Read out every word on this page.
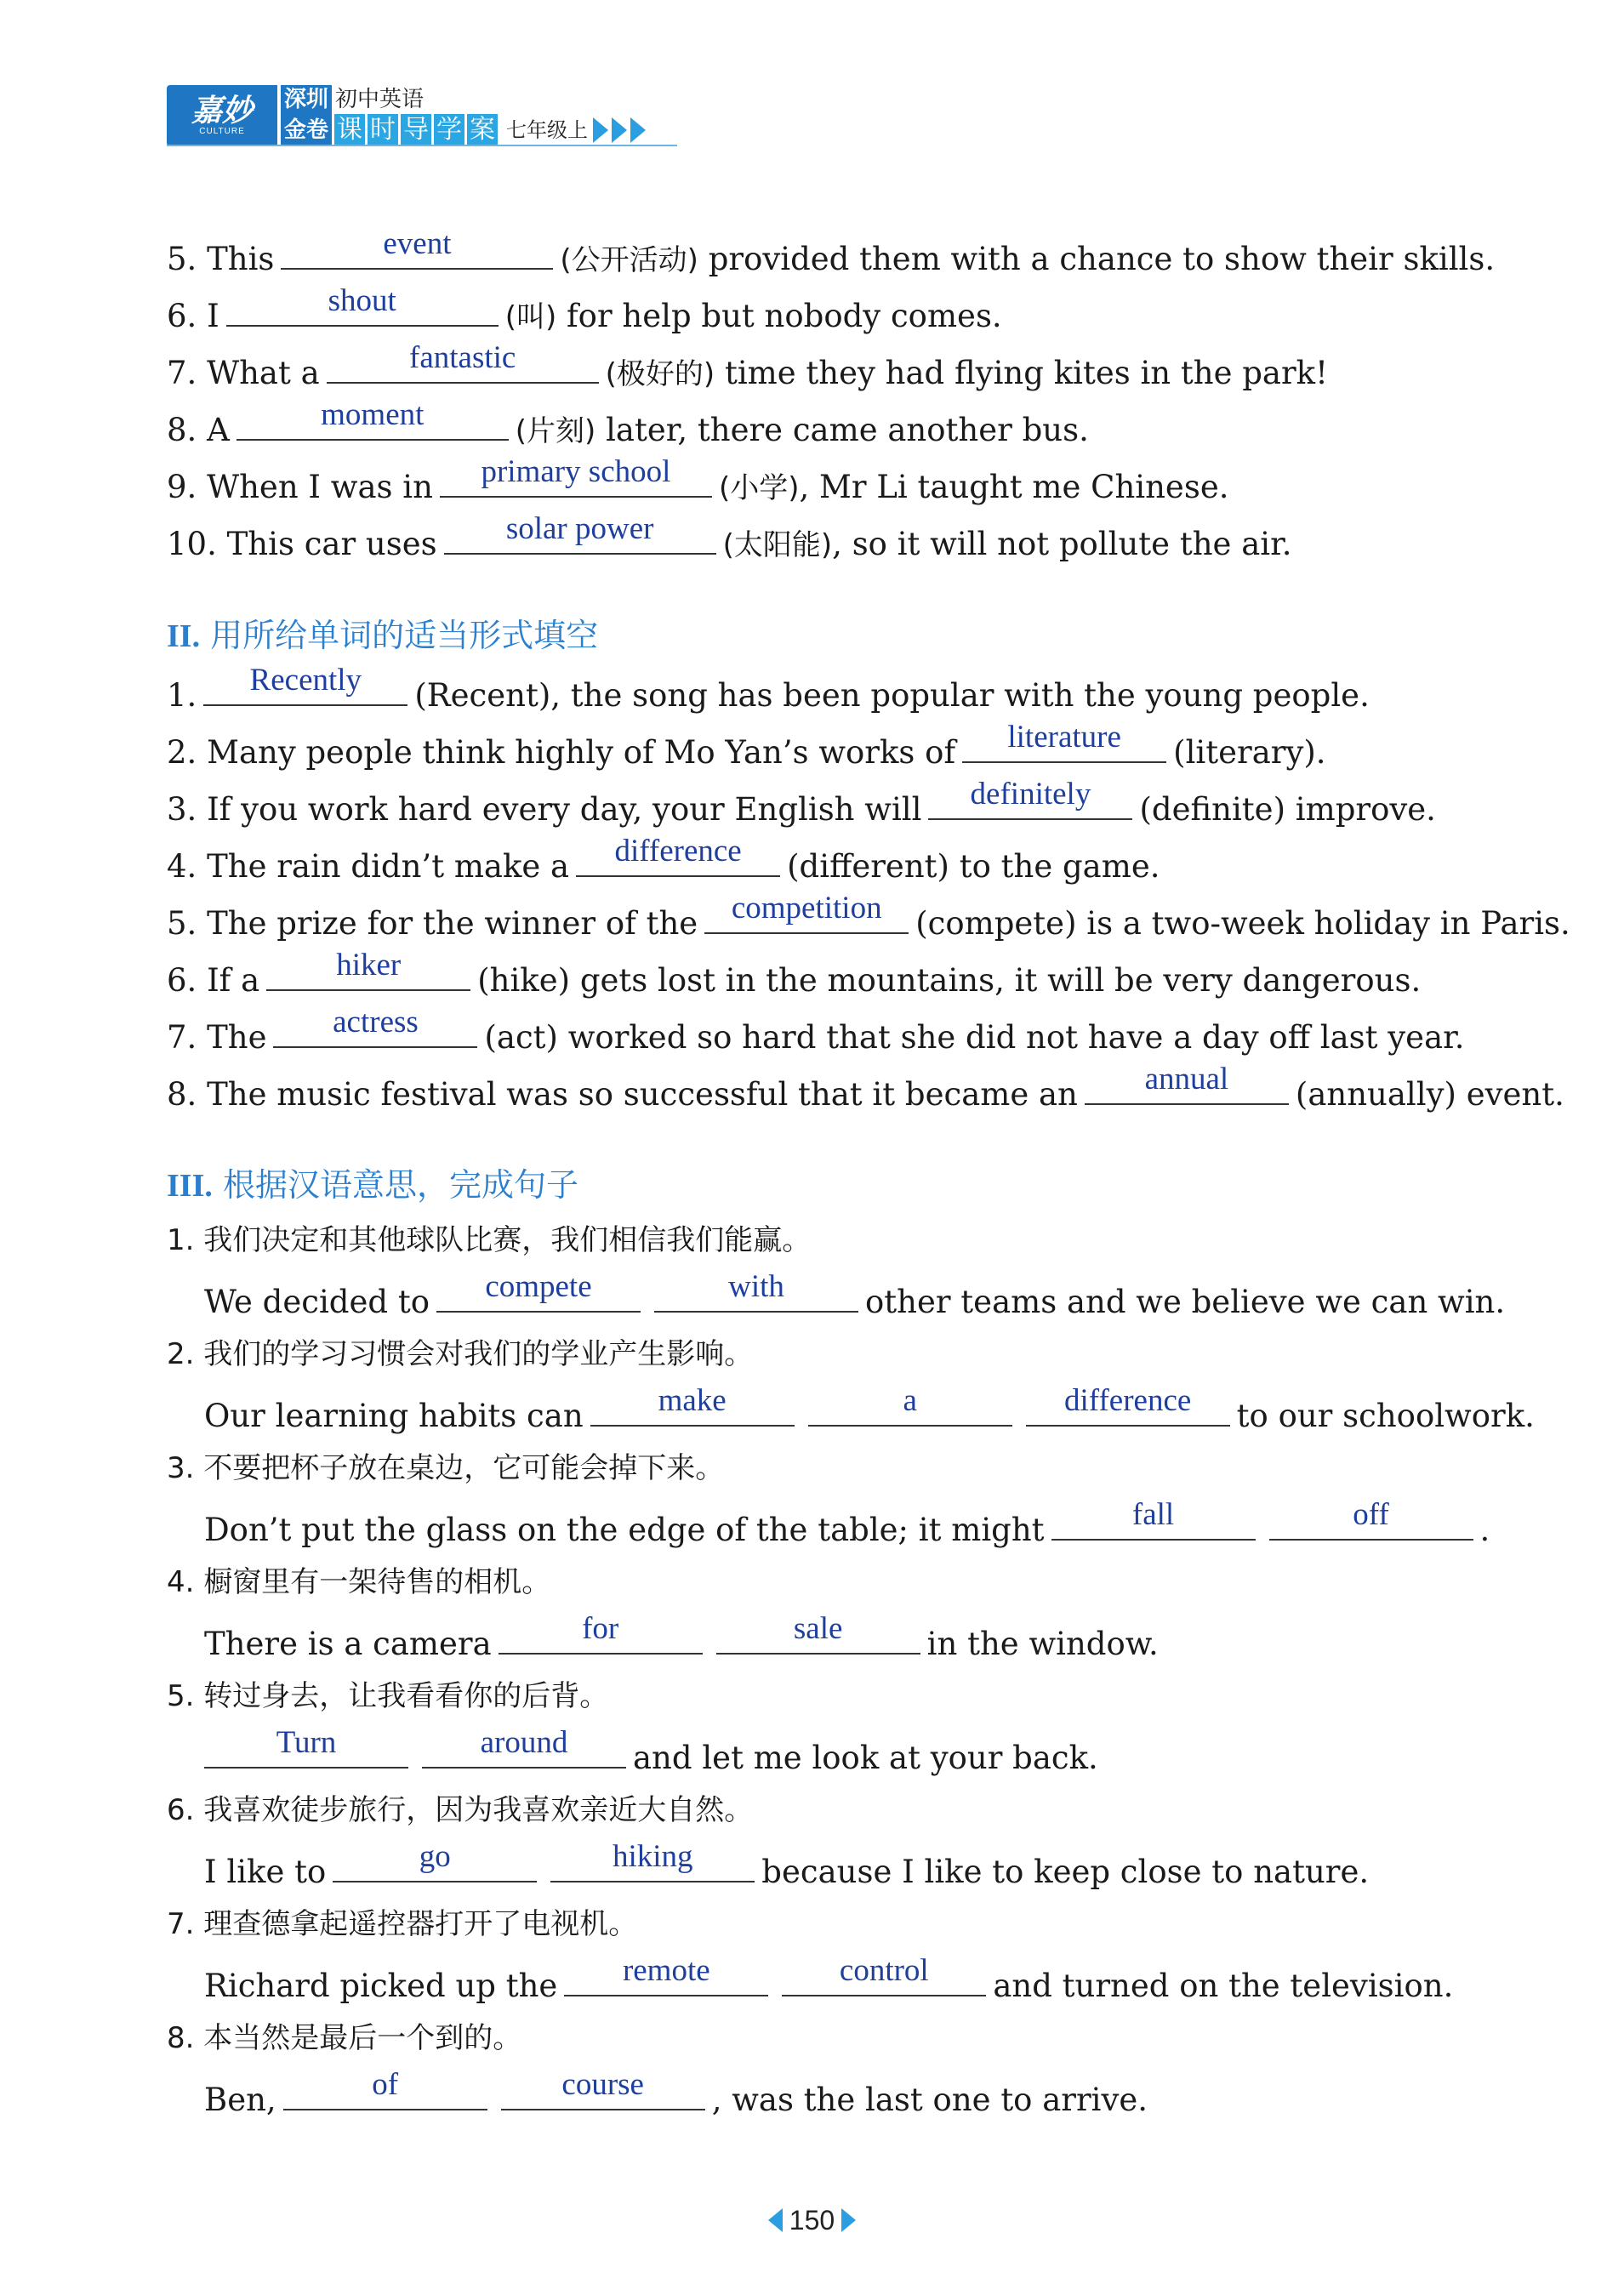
嘉妙
CULTURE
深圳 初中英语
金卷 课 时 导 学 案 七年级上
5. This	event	(公开活动) provided them with a chance to show their skills.
6. I	shout	(叫) for help but nobody comes.
7. What a	fantastic	(极好的) time they had flying kites in the park!
8. A	moment	(片刻) later, there came another bus.
9. When I was in	primary school	(小学), Mr Li taught me Chinese.
10. This car uses	solar power	(太阳能), so it will not pollute the air.
II. 用所给单词的适当形式填空
1.	Recently	(Recent), the song has been popular with the young people.
2. Many people think highly of Mo Yan’s works of	literature	(literary).
3. If you work hard every day, your English will	definitely	(definite) improve.
4. The rain didn’t make a	difference	(different) to the game.
5. The prize for the winner of the	competition	(compete) is a two-week holiday in Paris.
6. If a	hiker	(hike) gets lost in the mountains, it will be very dangerous.
7. The	actress	(act) worked so hard that she did not have a day off last year.
8. The music festival was so successful that it became an	annual	(annually) event.
III. 根据汉语意思，完成句子
1. 我们决定和其他球队比赛，我们相信我们能赢。
We decided to	compete	with	other teams and we believe we can win.
2. 我们的学习习惯会对我们的学业产生影响。
Our learning habits can	make	a	difference	to our schoolwork.
3. 不要把杯子放在桌边，它可能会掉下来。
Don’t put the glass on the edge of the table; it might	fall	off	.
4. 橱窗里有一架待售的相机。
There is a camera	for	sale	in the window.
5. 转过身去，让我看看你的后背。
Turn	around	and let me look at your back.
6. 我喜欢徒步旅行，因为我喜欢亲近大自然。
I like to	go	hiking	because I like to keep close to nature.
7. 理查德拿起遥控器打开了电视机。
Richard picked up the	remote	control	and turned on the television.
8. 本当然是最后一个到的。
Ben,	of	course	, was the last one to arrive.
150
